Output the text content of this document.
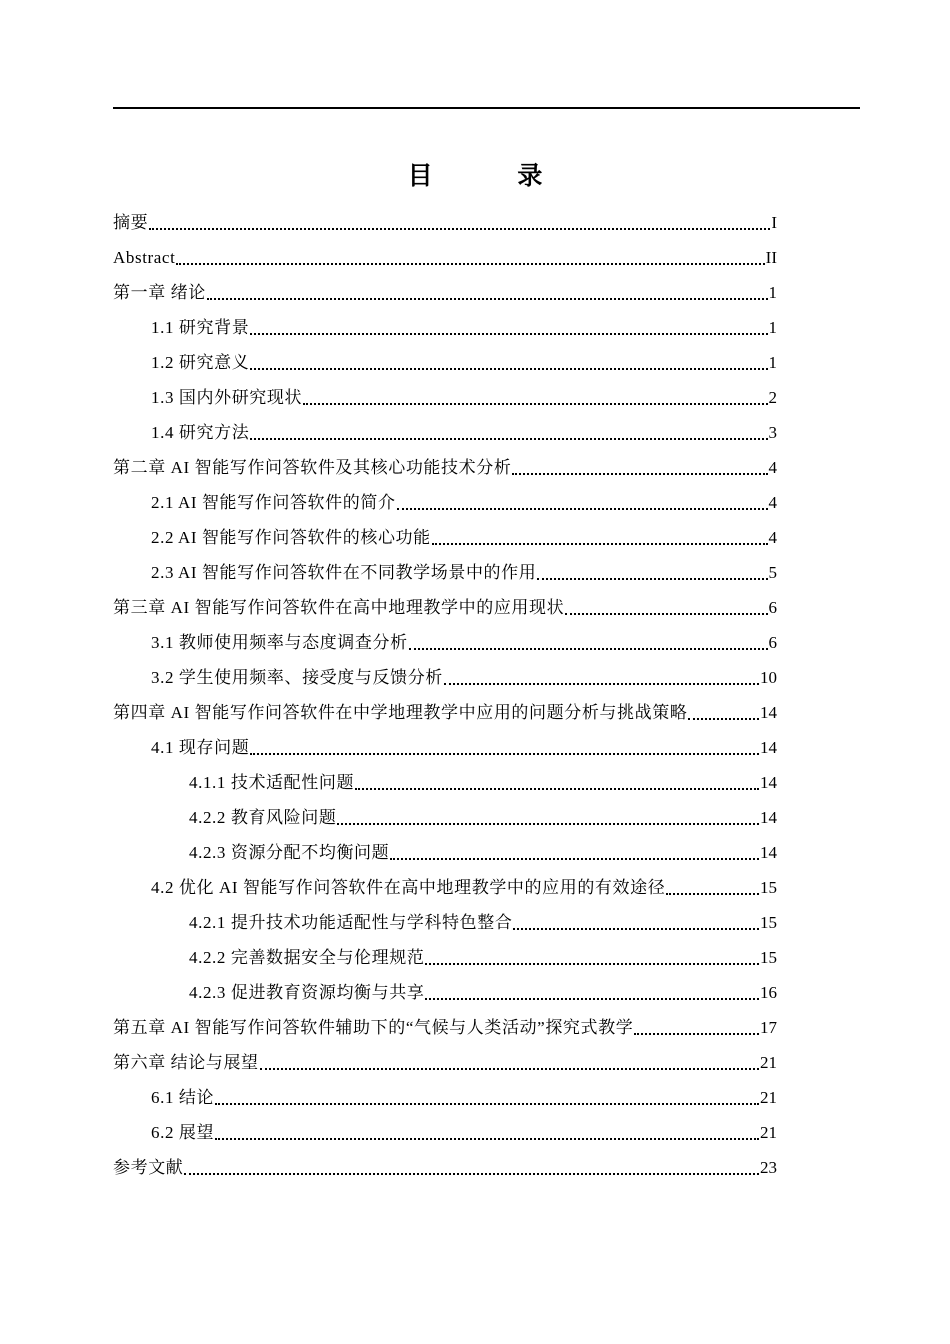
目 录
摘要	I
Abstract	II
第一章 绪论	1
1.1 研究背景	1
1.2 研究意义	1
1.3 国内外研究现状	2
1.4 研究方法	3
第二章 AI 智能写作问答软件及其核心功能技术分析	4
2.1 AI 智能写作问答软件的简介	4
2.2 AI 智能写作问答软件的核心功能	4
2.3 AI 智能写作问答软件在不同教学场景中的作用	5
第三章 AI 智能写作问答软件在高中地理教学中的应用现状	6
3.1 教师使用频率与态度调查分析	6
3.2 学生使用频率、接受度与反馈分析	10
第四章 AI 智能写作问答软件在中学地理教学中应用的问题分析与挑战策略	14
4.1 现存问题	14
4.1.1 技术适配性问题	14
4.2.2 教育风险问题	14
4.2.3 资源分配不均衡问题	14
4.2 优化 AI 智能写作问答软件在高中地理教学中的应用的有效途径	15
4.2.1 提升技术功能适配性与学科特色整合	15
4.2.2 完善数据安全与伦理规范	15
4.2.3 促进教育资源均衡与共享	16
第五章 AI 智能写作问答软件辅助下的“气候与人类活动”探究式教学	17
第六章 结论与展望	21
6.1 结论	21
6.2 展望	21
参考文献	23
